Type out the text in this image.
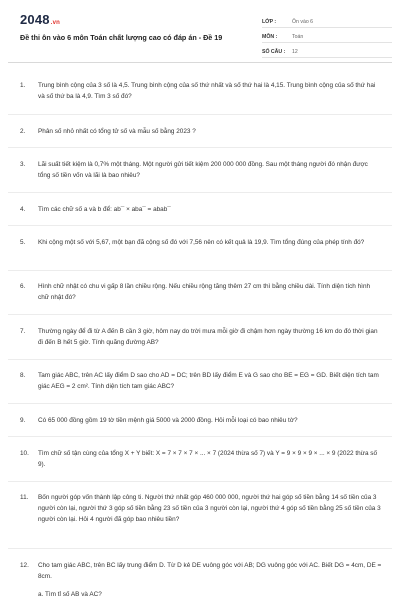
2048.vn
Đề thi ôn vào 6 môn Toán chất lượng cao có đáp án - Đề 19
LỚP :	Ôn vào 6
MÔN :	Toán
SỐ CÂU :	12
1.	Trung bình cộng của 3 số là 4,5. Trung bình cộng của số thứ nhất và số thứ hai là 4,15. Trung bình cộng của số thứ hai và số thứ ba là 4,9. Tìm 3 số đó?
2.	Phân số nhỏ nhất có tổng tử số và mẫu số bằng 2023 ?
3.	Lãi suất tiết kiệm là 0,7% một tháng. Một người gửi tiết kiệm 200 000 000 đồng. Sau một tháng người đó nhận được tổng số tiền vốn và lãi là bao nhiêu?
4.	Tìm các chữ số a và b để: ab¯ × aba¯ = abab¯
5.	Khi cộng một số với 5,67, một bạn đã cộng số đó với 7,56 nên có kết quả là 19,9. Tìm tổng đúng của phép tính đó?
6.	Hình chữ nhật có chu vi gấp 8 lần chiều rộng. Nếu chiều rộng tăng thêm 27 cm thì bằng chiều dài. Tính diện tích hình chữ nhật đó?
7.	Thường ngày để đi từ A đến B cần 3 giờ, hôm nay do trời mưa mỗi giờ đi chậm hơn ngày thường 16 km do đó thời gian đi đến B hết 5 giờ. Tính quãng đường AB?
8.	Tam giác ABC, trên AC lấy điểm D sao cho AD = DC; trên BD lấy điểm E và G sao cho BE = EG = GD. Biết diện tích tam giác AEG = 2 cm². Tính diện tích tam giác ABC?
9.	Có 65 000 đồng gồm 19 tờ tiền mệnh giá 5000 và 2000 đồng. Hỏi mỗi loại có bao nhiêu tờ?
10.	Tìm chữ số tận cùng của tổng X + Y biết: X = 7 × 7 × 7 × ... × 7 (2024 thừa số 7) và Y = 9 × 9 × 9 × ... × 9 (2022 thừa số 9).
11.	Bốn người góp vốn thành lập công ti. Người thứ nhất góp 460 000 000, người thứ hai góp số tiền bằng 14 số tiền của 3 người còn lại, người thứ 3 góp số tiền bằng 23 số tiền của 3 người còn lại, người thứ 4 góp số tiền bằng 25 số tiền của 3 người còn lại. Hỏi 4 người đã góp bao nhiêu tiền?
12.	Cho tam giác ABC, trên BC lấy trung điểm D. Từ D kẻ DE vuông góc với AB; DG vuông góc với AC. Biết DG = 4cm, DE = 8cm.
a. Tìm tỉ số AB và AC?
